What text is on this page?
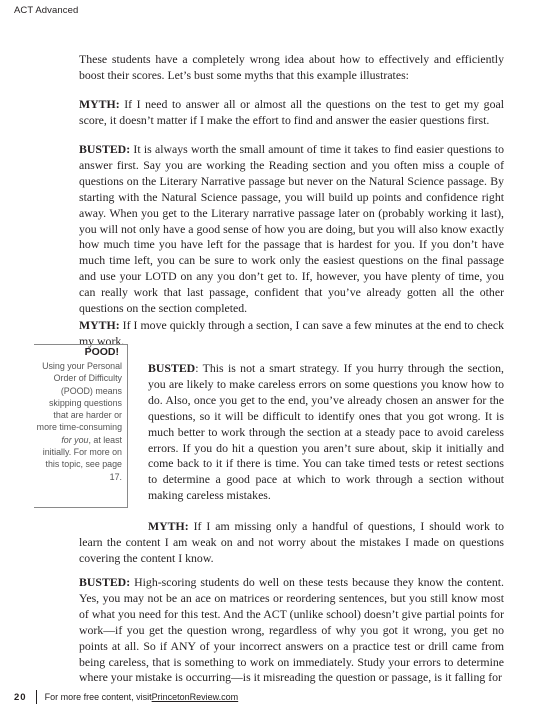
ACT Advanced

These students have a completely wrong idea about how to effectively and efficiently boost their scores. Let’s bust some myths that this example illustrates:

MYTH: If I need to answer all or almost all the questions on the test to get my goal score, it doesn’t matter if I make the effort to find and answer the easier questions first.

BUSTED: It is always worth the small amount of time it takes to find easier questions to answer first. Say you are working the Reading section and you often miss a couple of questions on the Literary Narrative passage but never on the Natural Science passage. By starting with the Natural Science passage, you will build up points and confidence right away. When you get to the Literary narrative passage later on (probably working it last), you will not only have a good sense of how you are doing, but you will also know exactly how much time you have left for the passage that is hardest for you. If you don’t have much time left, you can be sure to work only the easiest questions on the final passage and use your LOTD on any you don’t get to. If, however, you have plenty of time, you can really work that last passage, confident that you’ve already gotten all the other questions on the section completed.

MYTH: If I move quickly through a section, I can save a few minutes at the end to check my work.

POOD!

Using your Personal Order of Difficulty (POOD) means skipping questions that are harder or more time-consuming for you, at least initially. For more on this topic, see page 17.

BUSTED: This is not a smart strategy. If you hurry through the section, you are likely to make careless errors on some questions you know how to do. Also, once you get to the end, you’ve already chosen an answer for the questions, so it will be difficult to identify ones that you got wrong. It is much better to work through the section at a steady pace to avoid careless errors. If you do hit a question you aren’t sure about, skip it initially and come back to it if there is time. You can take timed tests or retest sections to determine a good pace at which to work through a section without making careless mistakes.

MYTH: If I am missing only a handful of questions, I should work to learn the content I am weak on and not worry about the mistakes I made on questions covering the content I know.

BUSTED: High-scoring students do well on these tests because they know the content. Yes, you may not be an ace on matrices or reordering sentences, but you still know most of what you need for this test. And the ACT (unlike school) doesn’t give partial points for work—if you get the question wrong, regardless of why you got it wrong, you get no points at all. So if ANY of your incorrect answers on a practice test or drill came from being careless, that is something to work on immediately. Study your errors to determine where your mistake is occurring—is it misreading the question or passage, is it falling for

20 For more free content, visit PrincetonReview.com
